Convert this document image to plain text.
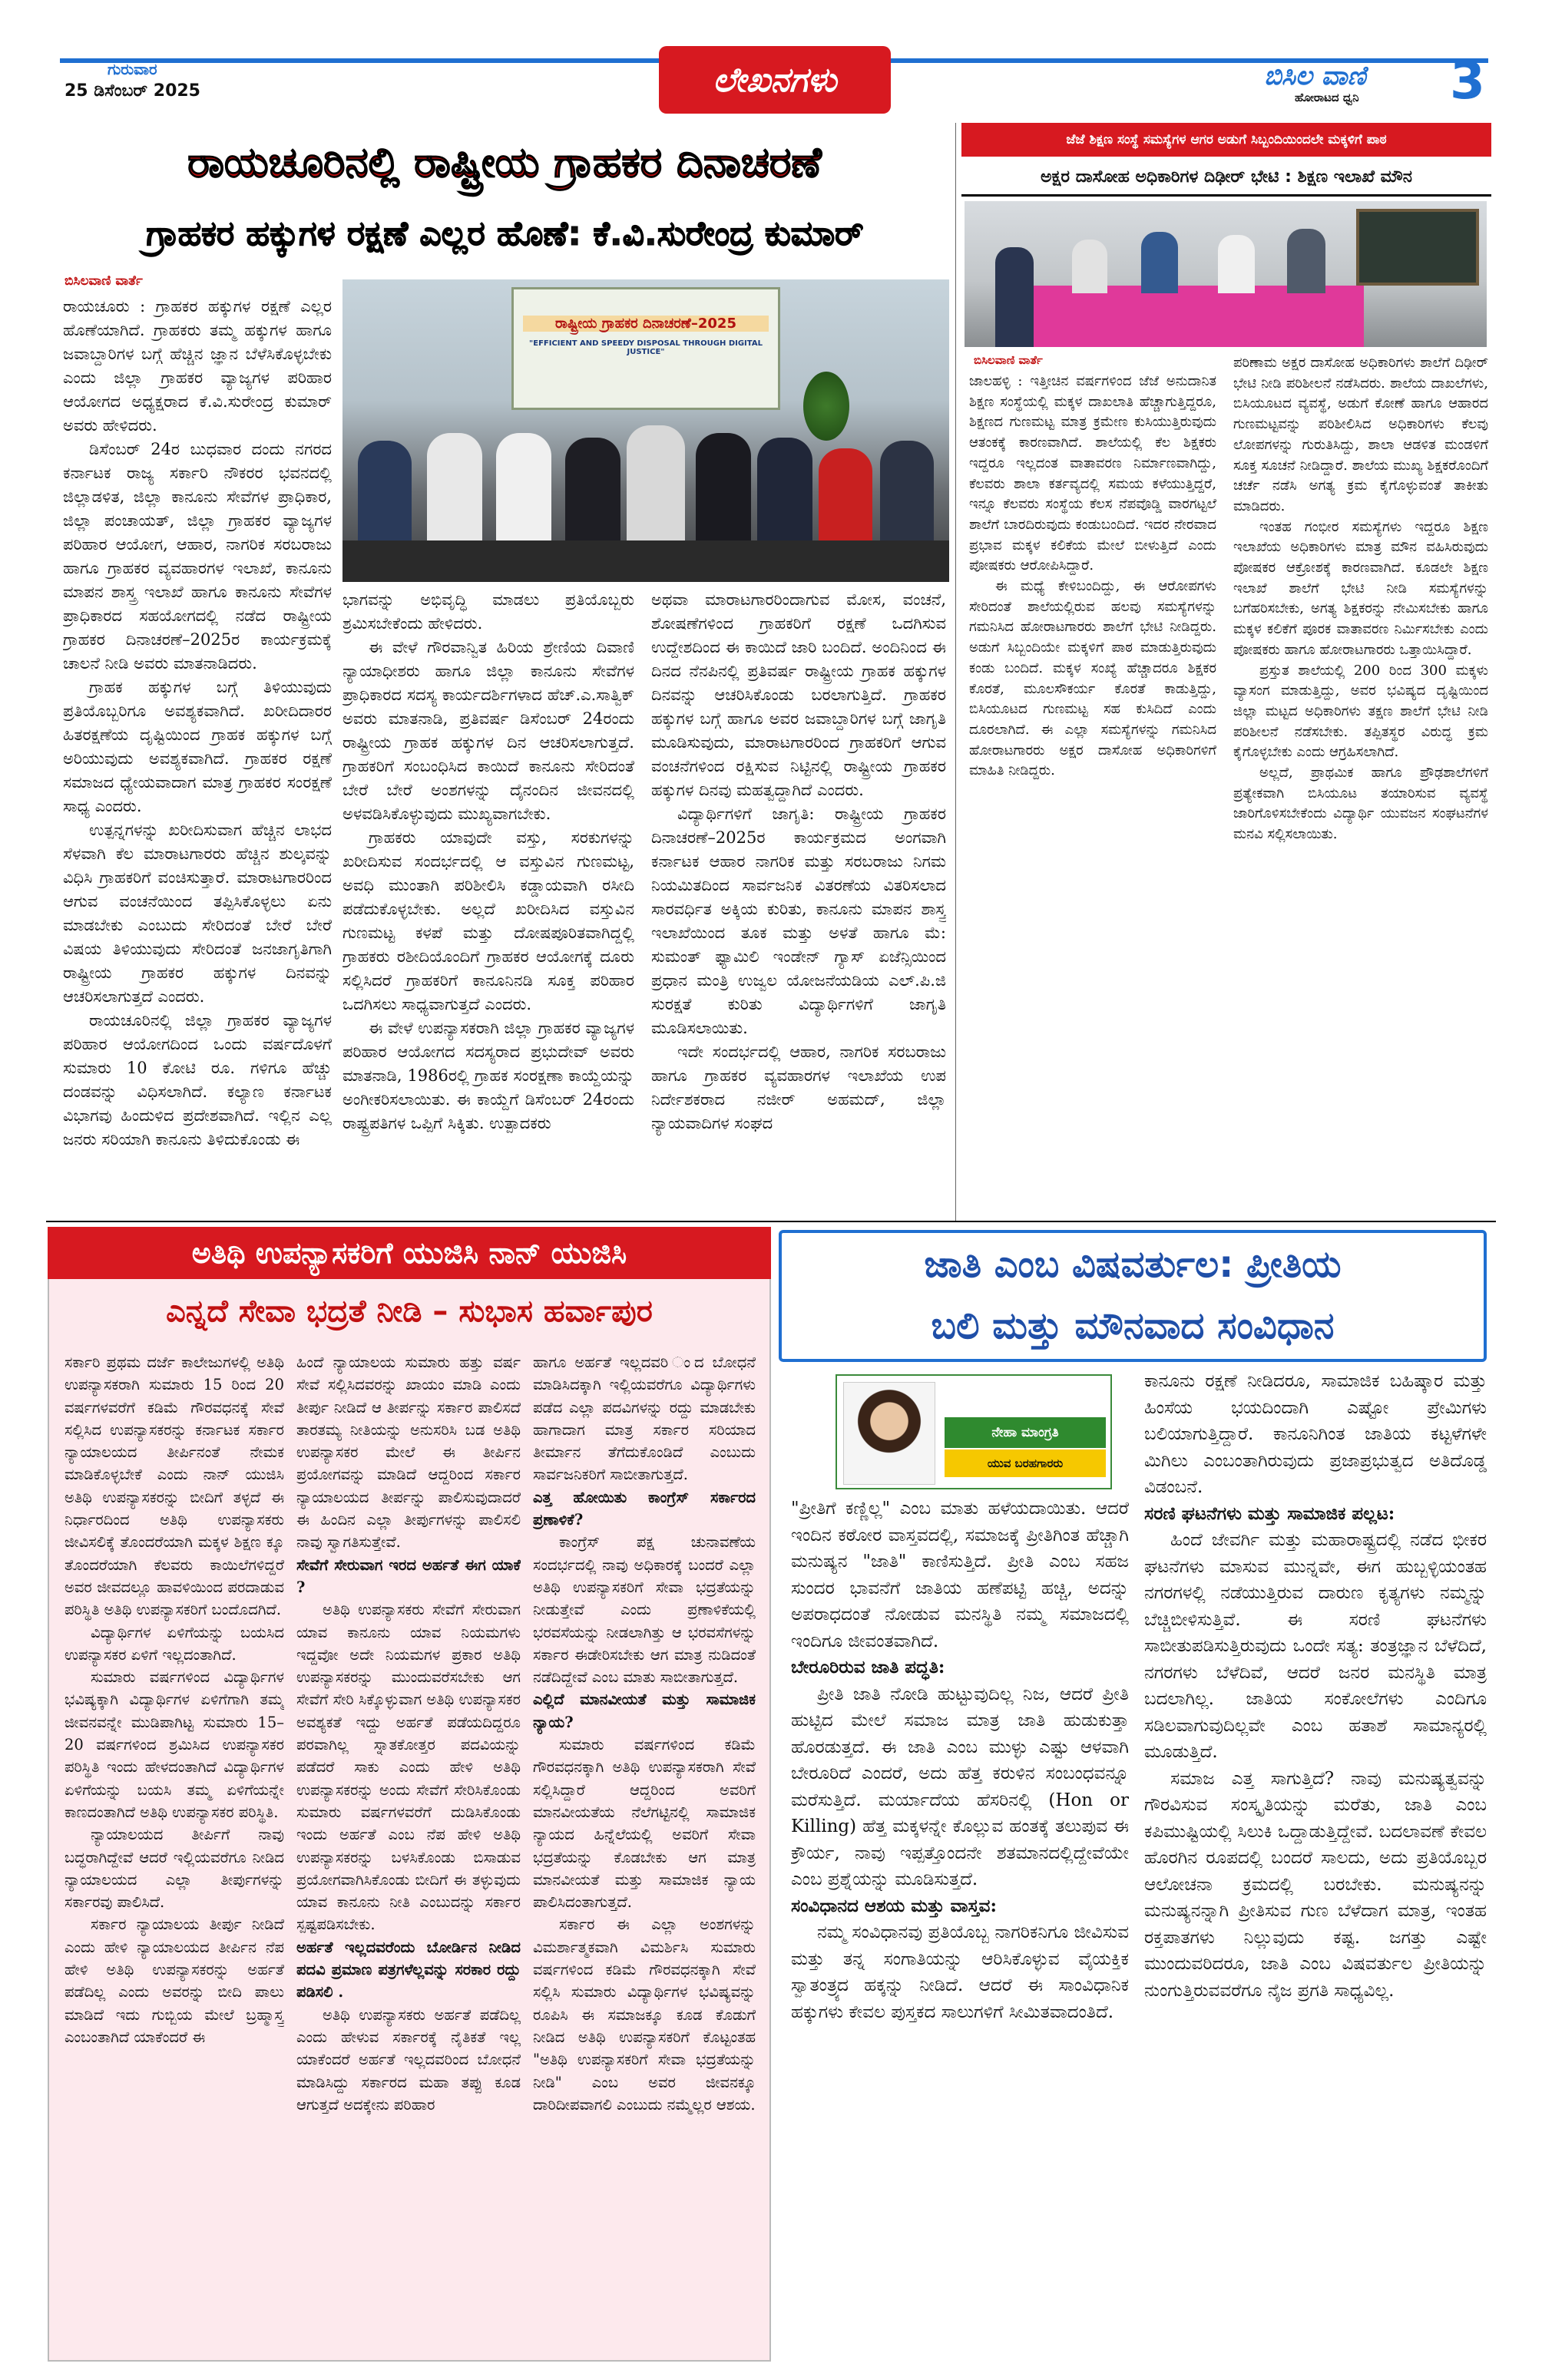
ಗುರುವಾರ
25 ಡಿಸೆಂಬರ್ 2025	ಲೇಖನಗಳು	ಬಿಸಿಲ ವಾಣಿ
ಹೋರಾಟದ ಧ್ವನಿ	3
ರಾಯಚೂರಿನಲ್ಲಿ ರಾಷ್ಟ್ರೀಯ ಗ್ರಾಹಕರ ದಿನಾಚರಣೆ
ಗ್ರಾಹಕರ ಹಕ್ಕುಗಳ ರಕ್ಷಣೆ ಎಲ್ಲರ ಹೊಣೆ: ಕೆ.ವಿ.ಸುರೇಂದ್ರ ಕುಮಾರ್
ಬಿಸಿಲವಾಣಿ ವಾರ್ತೆ

ರಾಯಚೂರು : ಗ್ರಾಹಕರ ಹಕ್ಕುಗಳ ರಕ್ಷಣೆ ಎಲ್ಲರ ಹೊಣೆಯಾಗಿದೆ. ಗ್ರಾಹಕರು ತಮ್ಮ ಹಕ್ಕುಗಳ ಹಾಗೂ ಜವಾಬ್ದಾರಿಗಳ ಬಗ್ಗೆ ಹೆಚ್ಚಿನ ಜ್ಞಾನ ಬೆಳೆಸಿಕೊಳ್ಳಬೇಕು ಎಂದು ಜಿಲ್ಲಾ ಗ್ರಾಹಕರ ವ್ಯಾಜ್ಯಗಳ ಪರಿಹಾರ ಆಯೋಗದ ಅಧ್ಯಕ್ಷರಾದ ಕೆ.ವಿ.ಸುರೇಂದ್ರ ಕುಮಾರ್ ಅವರು ಹೇಳಿದರು.

ಡಿಸೆಂಬರ್ 24ರ ಬುಧವಾರ ದಂದು ನಗರದ ಕರ್ನಾಟಕ ರಾಜ್ಯ ಸರ್ಕಾರಿ ನೌಕರರ ಭವನದಲ್ಲಿ ಜಿಲ್ಲಾಡಳಿತ, ಜಿಲ್ಲಾ ಕಾನೂನು ಸೇವೆಗಳ ಪ್ರಾಧಿಕಾರ, ಜಿಲ್ಲಾ ಪಂಚಾಯತ್, ಜಿಲ್ಲಾ ಗ್ರಾಹಕರ ವ್ಯಾಜ್ಯಗಳ ಪರಿಹಾರ ಆಯೋಗ, ಆಹಾರ, ನಾಗರಿಕ ಸರಬರಾಜು ಹಾಗೂ ಗ್ರಾಹಕರ ವ್ಯವಹಾರಗಳ ಇಲಾಖೆ, ಕಾನೂನು ಮಾಪನ ಶಾಸ್ತ್ರ ಇಲಾಖೆ ಹಾಗೂ ಕಾನೂನು ಸೇವೆಗಳ ಪ್ರಾಧಿಕಾರದ ಸಹಯೋಗದಲ್ಲಿ ನಡೆದ ರಾಷ್ಟ್ರೀಯ ಗ್ರಾಹಕರ ದಿನಾಚರಣೆ–2025ರ ಕಾರ್ಯಕ್ರಮಕ್ಕೆ ಚಾಲನೆ ನೀಡಿ ಅವರು ಮಾತನಾಡಿದರು.

ಗ್ರಾಹಕ ಹಕ್ಕುಗಳ ಬಗ್ಗೆ ತಿಳಿಯುವುದು ಪ್ರತಿಯೊಬ್ಬರಿಗೂ ಅವಶ್ಯಕವಾಗಿದೆ. ಖರೀದಿದಾರರ ಹಿತರಕ್ಷಣೆಯ ದೃಷ್ಟಿಯಿಂದ ಗ್ರಾಹಕ ಹಕ್ಕುಗಳ ಬಗ್ಗೆ ಅರಿಯುವುದು ಅವಶ್ಯಕವಾಗಿದೆ. ಗ್ರಾಹಕರ ರಕ್ಷಣೆ ಸಮಾಜದ ಧ್ಯೇಯವಾದಾಗ ಮಾತ್ರ ಗ್ರಾಹಕರ ಸಂರಕ್ಷಣೆ ಸಾಧ್ಯ ಎಂದರು.

ಉತ್ಪನ್ನಗಳನ್ನು ಖರೀದಿಸುವಾಗ ಹೆಚ್ಚಿನ ಲಾಭದ ಸೆಳವಾಗಿ ಕೆಲ ಮಾರಾಟಗಾರರು ಹೆಚ್ಚಿನ ಶುಲ್ಕವನ್ನು ವಿಧಿಸಿ ಗ್ರಾಹಕರಿಗೆ ವಂಚಿಸುತ್ತಾರೆ. ಮಾರಾಟಗಾರರಿಂದ ಆಗುವ ವಂಚನೆಯಿಂದ ತಪ್ಪಿಸಿಕೊಳ್ಳಲು ಏನು ಮಾಡಬೇಕು ಎಂಬುದು ಸೇರಿದಂತೆ ಬೇರೆ ಬೇರೆ ವಿಷಯ ತಿಳಿಯುವುದು ಸೇರಿದಂತೆ ಜನಜಾಗೃತಿಗಾಗಿ ರಾಷ್ಟ್ರೀಯ ಗ್ರಾಹಕರ ಹಕ್ಕುಗಳ ದಿನವನ್ನು ಆಚರಿಸಲಾಗುತ್ತದೆ ಎಂದರು.

ರಾಯಚೂರಿನಲ್ಲಿ ಜಿಲ್ಲಾ ಗ್ರಾಹಕರ ವ್ಯಾಜ್ಯಗಳ ಪರಿಹಾರ ಆಯೋಗದಿಂದ ಒಂದು ವರ್ಷದೊಳಗೆ ಸುಮಾರು 10 ಕೋಟಿ ರೂ. ಗಳಿಗೂ ಹೆಚ್ಚು ದಂಡವನ್ನು ವಿಧಿಸಲಾಗಿದೆ. ಕಲ್ಯಾಣ ಕರ್ನಾಟಕ ವಿಭಾಗವು ಹಿಂದುಳಿದ ಪ್ರದೇಶವಾಗಿದೆ. ಇಲ್ಲಿನ ಎಲ್ಲ ಜನರು ಸರಿಯಾಗಿ ಕಾನೂನು ತಿಳಿದುಕೊಂಡು ಈ

ರಾಷ್ಟ್ರೀಯ ಗ್ರಾಹಕರ ದಿನಾಚರಣೆ–2025
"EFFICIENT AND SPEEDY DISPOSAL THROUGH DIGITAL JUSTICE"

ಭಾಗವನ್ನು ಅಭಿವೃದ್ಧಿ ಮಾಡಲು ಪ್ರತಿಯೊಬ್ಬರು ಶ್ರಮಿಸಬೇಕೆಂದು ಹೇಳಿದರು.

ಈ ವೇಳೆ ಗೌರವಾನ್ವಿತ ಹಿರಿಯ ಶ್ರೇಣಿಯ ದಿವಾಣಿ ನ್ಯಾಯಾಧೀಶರು ಹಾಗೂ ಜಿಲ್ಲಾ ಕಾನೂನು ಸೇವೆಗಳ ಪ್ರಾಧಿಕಾರದ ಸದಸ್ಯ ಕಾರ್ಯದರ್ಶಿಗಳಾದ ಹೆಚ್.ಎ.ಸಾತ್ವಿಕ್ ಅವರು ಮಾತನಾಡಿ, ಪ್ರತಿವರ್ಷ ಡಿಸೆಂಬರ್ 24ರಂದು ರಾಷ್ಟ್ರೀಯ ಗ್ರಾಹಕ ಹಕ್ಕುಗಳ ದಿನ ಆಚರಿಸಲಾಗುತ್ತದೆ. ಗ್ರಾಹಕರಿಗೆ ಸಂಬಂಧಿಸಿದ ಕಾಯಿದೆ ಕಾನೂನು ಸೇರಿದಂತೆ ಬೇರೆ ಬೇರೆ ಅಂಶಗಳನ್ನು ದೈನಂದಿನ ಜೀವನದಲ್ಲಿ ಅಳವಡಿಸಿಕೊಳ್ಳುವುದು ಮುಖ್ಯವಾಗಬೇಕು.

ಗ್ರಾಹಕರು ಯಾವುದೇ ವಸ್ತು, ಸರಕುಗಳನ್ನು ಖರೀದಿಸುವ ಸಂದರ್ಭದಲ್ಲಿ ಆ ವಸ್ತುವಿನ ಗುಣಮಟ್ಟ, ಅವಧಿ ಮುಂತಾಗಿ ಪರಿಶೀಲಿಸಿ ಕಡ್ಡಾಯವಾಗಿ ರಸೀದಿ ಪಡೆದುಕೊಳ್ಳಬೇಕು. ಅಲ್ಲದೆ ಖರೀದಿಸಿದ ವಸ್ತುವಿನ ಗುಣಮಟ್ಟ ಕಳಪೆ ಮತ್ತು ದೋಷಪೂರಿತವಾಗಿದ್ದಲ್ಲಿ ಗ್ರಾಹಕರು ರಶೀದಿಯೊಂದಿಗೆ ಗ್ರಾಹಕರ ಆಯೋಗಕ್ಕೆ ದೂರು ಸಲ್ಲಿಸಿದರೆ ಗ್ರಾಹಕರಿಗೆ ಕಾನೂನಿನಡಿ ಸೂಕ್ತ ಪರಿಹಾರ ಒದಗಿಸಲು ಸಾಧ್ಯವಾಗುತ್ತದೆ ಎಂದರು.

ಈ ವೇಳೆ ಉಪನ್ಯಾಸಕರಾಗಿ ಜಿಲ್ಲಾ ಗ್ರಾಹಕರ ವ್ಯಾಜ್ಯಗಳ ಪರಿಹಾರ ಆಯೋಗದ ಸದಸ್ಯರಾದ ಪ್ರಭುದೇವ್ ಅವರು ಮಾತನಾಡಿ, 1986ರಲ್ಲಿ ಗ್ರಾಹಕ ಸಂರಕ್ಷಣಾ ಕಾಯ್ದೆಯನ್ನು ಅಂಗೀಕರಿಸಲಾಯಿತು. ಈ ಕಾಯ್ದೆಗೆ ಡಿಸೆಂಬರ್ 24ರಂದು ರಾಷ್ಟ್ರಪತಿಗಳ ಒಪ್ಪಿಗೆ ಸಿಕ್ಕಿತು. ಉತ್ಪಾದಕರು

ಅಥವಾ ಮಾರಾಟಗಾರರಿಂದಾಗುವ ಮೋಸ, ವಂಚನೆ, ಶೋಷಣೆಗಳಿಂದ ಗ್ರಾಹಕರಿಗೆ ರಕ್ಷಣೆ ಒದಗಿಸುವ ಉದ್ದೇಶದಿಂದ ಈ ಕಾಯಿದೆ ಜಾರಿ ಬಂದಿದೆ. ಅಂದಿನಿಂದ ಈ ದಿನದ ನೆನಪಿನಲ್ಲಿ ಪ್ರತಿವರ್ಷ ರಾಷ್ಟ್ರೀಯ ಗ್ರಾಹಕ ಹಕ್ಕುಗಳ ದಿನವನ್ನು ಆಚರಿಸಿಕೊಂಡು ಬರಲಾಗುತ್ತಿದೆ. ಗ್ರಾಹಕರ ಹಕ್ಕುಗಳ ಬಗ್ಗೆ ಹಾಗೂ ಅವರ ಜವಾಬ್ದಾರಿಗಳ ಬಗ್ಗೆ ಜಾಗೃತಿ ಮೂಡಿಸುವುದು, ಮಾರಾಟಗಾರರಿಂದ ಗ್ರಾಹಕರಿಗೆ ಆಗುವ ವಂಚನೆಗಳಿಂದ ರಕ್ಷಿಸುವ ನಿಟ್ಟಿನಲ್ಲಿ ರಾಷ್ಟ್ರೀಯ ಗ್ರಾಹಕರ ಹಕ್ಕುಗಳ ದಿನವು ಮಹತ್ವದ್ದಾಗಿದೆ ಎಂದರು.

ವಿದ್ಯಾರ್ಥಿಗಳಿಗೆ ಜಾಗೃತಿ: ರಾಷ್ಟ್ರೀಯ ಗ್ರಾಹಕರ ದಿನಾಚರಣೆ–2025ರ ಕಾರ್ಯಕ್ರಮದ ಅಂಗವಾಗಿ ಕರ್ನಾಟಕ ಆಹಾರ ನಾಗರಿಕ ಮತ್ತು ಸರಬರಾಜು ನಿಗಮ ನಿಯಮಿತದಿಂದ ಸಾರ್ವಜನಿಕ ವಿತರಣೆಯ ವಿತರಿಸಲಾದ ಸಾರವರ್ಧಿತ ಅಕ್ಕಿಯ ಕುರಿತು, ಕಾನೂನು ಮಾಪನ ಶಾಸ್ತ್ರ ಇಲಾಖೆಯಿಂದ ತೂಕ ಮತ್ತು ಅಳತೆ ಹಾಗೂ ಮೆ: ಸುಮಂತ್ ಫ್ಯಾಮಿಲಿ ಇಂಡೇನ್ ಗ್ಯಾಸ್ ಏಜೆನ್ಸಿಯಿಂದ ಪ್ರಧಾನ ಮಂತ್ರಿ ಉಜ್ವಲ ಯೋಜನೆಯಡಿಯ ಎಲ್.ಪಿ.ಜಿ ಸುರಕ್ಷತೆ ಕುರಿತು ವಿದ್ಯಾರ್ಥಿಗಳಿಗೆ ಜಾಗೃತಿ ಮೂಡಿಸಲಾಯಿತು.

ಇದೇ ಸಂದರ್ಭದಲ್ಲಿ ಆಹಾರ, ನಾಗರಿಕ ಸರಬರಾಜು ಹಾಗೂ ಗ್ರಾಹಕರ ವ್ಯವಹಾರಗಳ ಇಲಾಖೆಯ ಉಪ ನಿರ್ದೇಶಕರಾದ ನಜೀರ್ ಅಹಮದ್, ಜಿಲ್ಲಾ ನ್ಯಾಯವಾದಿಗಳ ಸಂಘದ

ಜೆಜೆ ಶಿಕ್ಷಣ ಸಂಸ್ಥೆ ಸಮಸ್ಯೆಗಳ ಆಗರ ಅಡುಗೆ ಸಿಬ್ಬಂದಿಯಿಂದಲೇ ಮಕ್ಕಳಿಗೆ ಪಾಠ
ಅಕ್ಷರ ದಾಸೋಹ ಅಧಿಕಾರಿಗಳ ದಿಢೀರ್ ಭೇಟಿ : ಶಿಕ್ಷಣ ಇಲಾಖೆ ಮೌನ
ಬಿಸಿಲವಾಣಿ ವಾರ್ತೆ

ಜಾಲಹಳ್ಳಿ : ಇತ್ತೀಚಿನ ವರ್ಷಗಳಿಂದ ಜೆಜೆ ಅನುದಾನಿತ ಶಿಕ್ಷಣ ಸಂಸ್ಥೆಯಲ್ಲಿ ಮಕ್ಕಳ ದಾಖಲಾತಿ ಹೆಚ್ಚಾಗುತ್ತಿದ್ದರೂ, ಶಿಕ್ಷಣದ ಗುಣಮಟ್ಟ ಮಾತ್ರ ಕ್ರಮೇಣ ಕುಸಿಯುತ್ತಿರುವುದು ಆತಂಕಕ್ಕೆ ಕಾರಣವಾಗಿದೆ. ಶಾಲೆಯಲ್ಲಿ ಕೆಲ ಶಿಕ್ಷಕರು ಇದ್ದರೂ ಇಲ್ಲದಂತ ವಾತಾವರಣ ನಿರ್ಮಾಣವಾಗಿದ್ದು, ಕೆಲವರು ಶಾಲಾ ಕರ್ತವ್ಯದಲ್ಲಿ ಸಮಯ ಕಳೆಯುತ್ತಿದ್ದರೆ, ಇನ್ನೂ ಕೆಲವರು ಸಂಸ್ಥೆಯ ಕೆಲಸ ನೆಪವೊಡ್ಡಿ ವಾರಗಟ್ಟಲೆ ಶಾಲೆಗೆ ಬಾರದಿರುವುದು ಕಂಡುಬಂದಿದೆ. ಇದರ ನೇರವಾದ ಪ್ರಭಾವ ಮಕ್ಕಳ ಕಲಿಕೆಯ ಮೇಲೆ ಬೀಳುತ್ತಿದೆ ಎಂದು ಪೋಷಕರು ಆರೋಪಿಸಿದ್ದಾರೆ.

ಈ ಮಧ್ಯೆ ಕೇಳಿಬಂದಿದ್ದು, ಈ ಆರೋಪಗಳು ಸೇರಿದಂತೆ ಶಾಲೆಯಲ್ಲಿರುವ ಹಲವು ಸಮಸ್ಯೆಗಳನ್ನು ಗಮನಿಸಿದ ಹೋರಾಟಗಾರರು ಶಾಲೆಗೆ ಭೇಟಿ ನೀಡಿದ್ದರು. ಅಡುಗೆ ಸಿಬ್ಬಂದಿಯೇ ಮಕ್ಕಳಿಗೆ ಪಾಠ ಮಾಡುತ್ತಿರುವುದು ಕಂಡು ಬಂದಿದೆ. ಮಕ್ಕಳ ಸಂಖ್ಯೆ ಹೆಚ್ಚಾದರೂ ಶಿಕ್ಷಕರ ಕೊರತೆ, ಮೂಲಸೌಕರ್ಯ ಕೊರತೆ ಕಾಡುತ್ತಿದ್ದು, ಬಿಸಿಯೂಟದ ಗುಣಮಟ್ಟ ಸಹ ಕುಸಿದಿದೆ ಎಂದು ದೂರಲಾಗಿದೆ. ಈ ಎಲ್ಲಾ ಸಮಸ್ಯೆಗಳನ್ನು ಗಮನಿಸಿದ ಹೋರಾಟಗಾರರು ಅಕ್ಷರ ದಾಸೋಹ ಅಧಿಕಾರಿಗಳಿಗೆ ಮಾಹಿತಿ ನೀಡಿದ್ದರು.

ಪರಿಣಾಮ ಅಕ್ಷರ ದಾಸೋಹ ಅಧಿಕಾರಿಗಳು ಶಾಲೆಗೆ ದಿಢೀರ್ ಭೇಟಿ ನೀಡಿ ಪರಿಶೀಲನೆ ನಡೆಸಿದರು. ಶಾಲೆಯ ದಾಖಲೆಗಳು, ಬಿಸಿಯೂಟದ ವ್ಯವಸ್ಥೆ, ಅಡುಗೆ ಕೋಣೆ ಹಾಗೂ ಆಹಾರದ ಗುಣಮಟ್ಟವನ್ನು ಪರಿಶೀಲಿಸಿದ ಅಧಿಕಾರಿಗಳು ಕೆಲವು ಲೋಪಗಳನ್ನು ಗುರುತಿಸಿದ್ದು, ಶಾಲಾ ಆಡಳಿತ ಮಂಡಳಿಗೆ ಸೂಕ್ತ ಸೂಚನೆ ನೀಡಿದ್ದಾರೆ. ಶಾಲೆಯ ಮುಖ್ಯ ಶಿಕ್ಷಕರೊಂದಿಗೆ ಚರ್ಚೆ ನಡೆಸಿ ಅಗತ್ಯ ಕ್ರಮ ಕೈಗೊಳ್ಳುವಂತೆ ತಾಕೀತು ಮಾಡಿದರು.

ಇಂತಹ ಗಂಭೀರ ಸಮಸ್ಯೆಗಳು ಇದ್ದರೂ ಶಿಕ್ಷಣ ಇಲಾಖೆಯ ಅಧಿಕಾರಿಗಳು ಮಾತ್ರ ಮೌನ ವಹಿಸಿರುವುದು ಪೋಷಕರ ಆಕ್ರೋಶಕ್ಕೆ ಕಾರಣವಾಗಿದೆ. ಕೂಡಲೇ ಶಿಕ್ಷಣ ಇಲಾಖೆ ಶಾಲೆಗೆ ಭೇಟಿ ನೀಡಿ ಸಮಸ್ಯೆಗಳನ್ನು ಬಗೆಹರಿಸಬೇಕು, ಅಗತ್ಯ ಶಿಕ್ಷಕರನ್ನು ನೇಮಿಸಬೇಕು ಹಾಗೂ ಮಕ್ಕಳ ಕಲಿಕೆಗೆ ಪೂರಕ ವಾತಾವರಣ ನಿರ್ಮಿಸಬೇಕು ಎಂದು ಪೋಷಕರು ಹಾಗೂ ಹೋರಾಟಗಾರರು ಒತ್ತಾಯಿಸಿದ್ದಾರೆ.

ಪ್ರಸ್ತುತ ಶಾಲೆಯಲ್ಲಿ 200 ರಿಂದ 300 ಮಕ್ಕಳು ವ್ಯಾಸಂಗ ಮಾಡುತ್ತಿದ್ದು, ಅವರ ಭವಿಷ್ಯದ ದೃಷ್ಟಿಯಿಂದ ಜಿಲ್ಲಾ ಮಟ್ಟದ ಅಧಿಕಾರಿಗಳು ತಕ್ಷಣ ಶಾಲೆಗೆ ಭೇಟಿ ನೀಡಿ ಪರಿಶೀಲನೆ ನಡೆಸಬೇಕು. ತಪ್ಪಿತಸ್ಥರ ವಿರುದ್ಧ ಕ್ರಮ ಕೈಗೊಳ್ಳಬೇಕು ಎಂದು ಆಗ್ರಹಿಸಲಾಗಿದೆ.

ಅಲ್ಲದೆ, ಪ್ರಾಥಮಿಕ ಹಾಗೂ ಪ್ರೌಢಶಾಲೆಗಳಿಗೆ ಪ್ರತ್ಯೇಕವಾಗಿ ಬಿಸಿಯೂಟ ತಯಾರಿಸುವ ವ್ಯವಸ್ಥೆ ಜಾರಿಗೊಳಿಸಬೇಕೆಂದು ವಿದ್ಯಾರ್ಥಿ ಯುವಜನ ಸಂಘಟನೆಗಳ ಮನವಿ ಸಲ್ಲಿಸಲಾಯಿತು.

ಅತಿಥಿ ಉಪನ್ಯಾಸಕರಿಗೆ ಯುಜಿಸಿ ನಾನ್ ಯುಜಿಸಿ
ಎನ್ನದೆ ಸೇವಾ ಭದ್ರತೆ ನೀಡಿ – ಸುಭಾಸ ಹರ್ವಾಪುರ

ಸರ್ಕಾರಿ ಪ್ರಥಮ ದರ್ಜೆ ಕಾಲೇಜುಗಳಲ್ಲಿ ಅತಿಥಿ ಉಪನ್ಯಾಸಕರಾಗಿ ಸುಮಾರು 15 ರಿಂದ 20 ವರ್ಷಗಳವರೆಗೆ ಕಡಿಮೆ ಗೌರವಧನಕ್ಕೆ ಸೇವೆ ಸಲ್ಲಿಸಿದ ಉಪನ್ಯಾಸಕರನ್ನು ಕರ್ನಾಟಕ ಸರ್ಕಾರ ನ್ಯಾಯಾಲಯದ ತೀರ್ಪಿನಂತೆ ನೇಮಕ ಮಾಡಿಕೊಳ್ಳಬೇಕೆ ಎಂದು ನಾನ್ ಯುಜಿಸಿ ಅತಿಥಿ ಉಪನ್ಯಾಸಕರನ್ನು ಬೀದಿಗೆ ತಳ್ಳದೆ ಈ ನಿರ್ಧಾರದಿಂದ ಅತಿಥಿ ಉಪನ್ಯಾಸಕರು ಜೀವಿಸಲಿಕ್ಕೆ ತೊಂದರೆಯಾಗಿ ಮಕ್ಕಳ ಶಿಕ್ಷಣ ಕ್ಕೂ ತೊಂದರೆಯಾಗಿ ಕೆಲವರು ಕಾಯಿಲೆಗಳಿದ್ದರೆ ಅವರ ಜೀವದಲ್ಲೂ ಹಾವಳಿಯಿಂದ ಪರದಾಡುವ ಪರಿಸ್ಥಿತಿ ಅತಿಥಿ ಉಪನ್ಯಾಸಕರಿಗೆ ಬಂದೊದಗಿದೆ.

ವಿದ್ಯಾರ್ಥಿಗಳ ಏಳಿಗೆಯನ್ನು ಬಯಸಿದ ಉಪನ್ಯಾಸಕರ ಏಳಿಗೆ ಇಲ್ಲದಂತಾಗಿದೆ.

ಸುಮಾರು ವರ್ಷಗಳಿಂದ ವಿದ್ಯಾರ್ಥಿಗಳ ಭವಿಷ್ಯಕ್ಕಾಗಿ ವಿದ್ಯಾರ್ಥಿಗಳ ಏಳಿಗೆಗಾಗಿ ತಮ್ಮ ಜೀವನವನ್ನೇ ಮುಡಿಪಾಗಿಟ್ಟ ಸುಮಾರು 15– 20 ವರ್ಷಗಳಿಂದ ಶ್ರಮಿಸಿದ ಉಪನ್ಯಾಸಕರ ಪರಿಸ್ಥಿತಿ ಇಂದು ಹೇಳದಂತಾಗಿದೆ ವಿದ್ಯಾರ್ಥಿಗಳ ಏಳಿಗೆಯನ್ನು ಬಯಸಿ ತಮ್ಮ ಏಳಿಗೆಯನ್ನೇ ಕಾಣದಂತಾಗಿದೆ ಅತಿಥಿ ಉಪನ್ಯಾಸಕರ ಪರಿಸ್ಥಿತಿ.

ನ್ಯಾಯಾಲಯದ ತೀರ್ಪಿಗೆ ನಾವು ಬದ್ಧರಾಗಿದ್ದೇವೆ ಆದರೆ ಇಲ್ಲಿಯವರೆಗೂ ನೀಡಿದ ನ್ಯಾಯಾಲಯದ ಎಲ್ಲಾ ತೀರ್ಪುಗಳನ್ನು ಸರ್ಕಾರವು ಪಾಲಿಸಿದೆ.

ಸರ್ಕಾರ ನ್ಯಾಯಾಲಯ ತೀರ್ಪು ನೀಡಿದೆ ಎಂದು ಹೇಳಿ ನ್ಯಾಯಾಲಯದ ತೀರ್ಪಿನ ನೆಪ ಹೇಳಿ ಅತಿಥಿ ಉಪನ್ಯಾಸಕರನ್ನು ಅರ್ಹತೆ ಪಡೆದಿಲ್ಲ ಎಂದು ಅವರನ್ನು ಬೀದಿ ಪಾಲು ಮಾಡಿದೆ ಇದು ಗುಬ್ಬಿಯ ಮೇಲೆ ಬ್ರಹ್ಮಾಸ್ತ್ರ ಎಂಬಂತಾಗಿದೆ ಯಾಕೆಂದರೆ ಈ

ಹಿಂದೆ ನ್ಯಾಯಾಲಯ ಸುಮಾರು ಹತ್ತು ವರ್ಷ ಸೇವೆ ಸಲ್ಲಿಸಿದವರನ್ನು ಖಾಯಂ ಮಾಡಿ ಎಂದು ತೀರ್ಪು ನೀಡಿದೆ ಆ ತೀರ್ಪನ್ನು ಸರ್ಕಾರ ಪಾಲಿಸದೆ ತಾರತಮ್ಯ ನೀತಿಯನ್ನು ಅನುಸರಿಸಿ ಬಡ ಅತಿಥಿ ಉಪನ್ಯಾಸಕರ ಮೇಲೆ ಈ ತೀರ್ಪಿನ ಪ್ರಯೋಗವನ್ನು ಮಾಡಿದೆ ಆದ್ದರಿಂದ ಸರ್ಕಾರ ನ್ಯಾಯಾಲಯದ ತೀರ್ಪನ್ನು ಪಾಲಿಸುವುದಾದರೆ ಈ ಹಿಂದಿನ ಎಲ್ಲಾ ತೀರ್ಪುಗಳನ್ನು ಪಾಲಿಸಲಿ ನಾವು ಸ್ವಾಗತಿಸುತ್ತೇವೆ.

ಸೇವೆಗೆ ಸೇರುವಾಗ ಇರದ ಅರ್ಹತೆ ಈಗ ಯಾಕೆ ?

ಅತಿಥಿ ಉಪನ್ಯಾಸಕರು ಸೇವೆಗೆ ಸೇರುವಾಗ ಯಾವ ಕಾನೂನು ಯಾವ ನಿಯಮಗಳು ಇದ್ದವೋ ಅದೇ ನಿಯಮಗಳ ಪ್ರಕಾರ ಅತಿಥಿ ಉಪನ್ಯಾಸಕರನ್ನು ಮುಂದುವರೆಸಬೇಕು ಆಗ ಸೇವೆಗೆ ಸೇರಿ ಸಿಕ್ಕೊಳ್ಳುವಾಗ ಅತಿಥಿ ಉಪನ್ಯಾಸಕರ ಅವಶ್ಯಕತೆ ಇದ್ದು ಅರ್ಹತೆ ಪಡೆಯದಿದ್ದರೂ ಪರವಾಗಿಲ್ಲ ಸ್ನಾತಕೋತ್ತರ ಪದವಿಯನ್ನು ಪಡೆದರೆ ಸಾಕು ಎಂದು ಹೇಳಿ ಅತಿಥಿ ಉಪನ್ಯಾಸಕರನ್ನು ಅಂದು ಸೇವೆಗೆ ಸೇರಿಸಿಕೊಂಡು ಸುಮಾರು ವರ್ಷಗಳವರೆಗೆ ದುಡಿಸಿಕೊಂಡು ಇಂದು ಅರ್ಹತೆ ಎಂಬ ನೆಪ ಹೇಳಿ ಅತಿಥಿ ಉಪನ್ಯಾಸಕರನ್ನು ಬಳಸಿಕೊಂಡು ಬಿಸಾಡುವ ಪ್ರಯೋಗವಾಗಿಸಿಕೊಂಡು ಬೀದಿಗೆ ಈ ತಳ್ಳುವುದು ಯಾವ ಕಾನೂನು ನೀತಿ ಎಂಬುದನ್ನು ಸರ್ಕಾರ ಸ್ಪಷ್ಟಪಡಿಸಬೇಕು.

ಅರ್ಹತೆ ಇಲ್ಲದವರೆಂದು ಬೋರ್ಡಿನ ನೀಡಿದ ಪದವಿ ಪ್ರಮಾಣ ಪತ್ರಗಳೆಲ್ಲವನ್ನು ಸರಕಾರ ರದ್ದು ಪಡಿಸಲಿ .

ಅತಿಥಿ ಉಪನ್ಯಾಸಕರು ಅರ್ಹತೆ ಪಡೆದಿಲ್ಲ ಎಂದು ಹೇಳುವ ಸರ್ಕಾರಕ್ಕೆ ನೈತಿಕತೆ ಇಲ್ಲ ಯಾಕೆಂದರೆ ಅರ್ಹತೆ ಇಲ್ಲದವರಿಂದ ಬೋಧನೆ ಮಾಡಿಸಿದ್ದು ಸರ್ಕಾರದ ಮಹಾ ತಪ್ಪು ಕೂಡ ಆಗುತ್ತದೆ ಅದಕ್ಕೇನು ಪರಿಹಾರ

ಹಾಗೂ ಅರ್ಹತೆ ಇಲ್ಲದವರಿ ಂದ ಬೋಧನೆ ಮಾಡಿಸಿದಕ್ಕಾಗಿ ಇಲ್ಲಿಯವರೆಗೂ ವಿದ್ಯಾರ್ಥಿಗಳು ಪಡೆದ ಎಲ್ಲಾ ಪದವಿಗಳನ್ನು ರದ್ದು ಮಾಡಬೇಕು ಹಾಗಾದಾಗ ಮಾತ್ರ ಸರ್ಕಾರ ಸರಿಯಾದ ತೀರ್ಮಾನ ತೆಗೆದುಕೊಂಡಿದೆ ಎಂಬುದು ಸಾರ್ವಜನಿಕರಿಗೆ ಸಾಬೀತಾಗುತ್ತದೆ.

ಎತ್ತ ಹೋಯಿತು ಕಾಂಗ್ರೆಸ್ ಸರ್ಕಾರದ ಪ್ರಣಾಳಿಕೆ?

ಕಾಂಗ್ರೆಸ್ ಪಕ್ಷ ಚುನಾವಣೆಯ ಸಂದರ್ಭದಲ್ಲಿ ನಾವು ಅಧಿಕಾರಕ್ಕೆ ಬಂದರೆ ಎಲ್ಲಾ ಅತಿಥಿ ಉಪನ್ಯಾಸಕರಿಗೆ ಸೇವಾ ಭದ್ರತೆಯನ್ನು ನೀಡುತ್ತೇವೆ ಎಂದು ಪ್ರಣಾಳಿಕೆಯಲ್ಲಿ ಭರವಸೆಯನ್ನು ನೀಡಲಾಗಿತ್ತು ಆ ಭರವಸೆಗಳನ್ನು ಸರ್ಕಾರ ಈಡೇರಿಸಬೇಕು ಆಗ ಮಾತ್ರ ನುಡಿದಂತೆ ನಡೆದಿದ್ದೇವೆ ಎಂಬ ಮಾತು ಸಾಬೀತಾಗುತ್ತದೆ.

ಎಲ್ಲಿದೆ ಮಾನವೀಯತೆ ಮತ್ತು ಸಾಮಾಜಿಕ ನ್ಯಾಯ?

ಸುಮಾರು ವರ್ಷಗಳಿಂದ ಕಡಿಮೆ ಗೌರವಧನಕ್ಕಾಗಿ ಅತಿಥಿ ಉಪನ್ಯಾಸಕರಾಗಿ ಸೇವೆ ಸಲ್ಲಿಸಿದ್ದಾರೆ ಆದ್ದರಿಂದ ಅವರಿಗೆ ಮಾನವೀಯತೆಯ ನೆಲೆಗಟ್ಟಿನಲ್ಲಿ ಸಾಮಾಜಿಕ ನ್ಯಾಯದ ಹಿನ್ನೆಲೆಯಲ್ಲಿ ಅವರಿಗೆ ಸೇವಾ ಭದ್ರತೆಯನ್ನು ಕೊಡಬೇಕು ಆಗ ಮಾತ್ರ ಮಾನವೀಯತೆ ಮತ್ತು ಸಾಮಾಜಿಕ ನ್ಯಾಯ ಪಾಲಿಸಿದಂತಾಗುತ್ತದೆ.

ಸರ್ಕಾರ ಈ ಎಲ್ಲಾ ಅಂಶಗಳನ್ನು ವಿಮರ್ಶಾತ್ಮಕವಾಗಿ ವಿಮರ್ಶಿಸಿ ಸುಮಾರು ವರ್ಷಗಳಿಂದ ಕಡಿಮೆ ಗೌರವಧನಕ್ಕಾಗಿ ಸೇವೆ ಸಲ್ಲಿಸಿ ಸುಮಾರು ವಿದ್ಯಾರ್ಥಿಗಳ ಭವಿಷ್ಯವನ್ನು ರೂಪಿಸಿ ಈ ಸಮಾಜಕ್ಕೂ ಕೂಡ ಕೊಡುಗೆ ನೀಡಿದ ಅತಿಥಿ ಉಪನ್ಯಾಸಕರಿಗೆ ಕೊಟ್ಟಂತಹ "ಅತಿಥಿ ಉಪನ್ಯಾಸಕರಿಗೆ ಸೇವಾ ಭದ್ರತೆಯನ್ನು ನೀಡಿ" ಎಂಬ ಅವರ ಜೀವನಕ್ಕೂ ದಾರಿದೀಪವಾಗಲಿ ಎಂಬುದು ನಮ್ಮೆಲ್ಲರ ಆಶಯ.

ಜಾತಿ ಎಂಬ ವಿಷವರ್ತುಲ: ಪ್ರೀತಿಯ
ಬಲಿ ಮತ್ತು ಮೌನವಾದ ಸಂವಿಧಾನ
ನೇಹಾ ಮಾಂಗ್ರತಿ
ಯುವ ಬರಹಗಾರರು

"ಪ್ರೀತಿಗೆ ಕಣ್ಣಿಲ್ಲ" ಎಂಬ ಮಾತು ಹಳೆಯದಾಯಿತು. ಆದರೆ ಇಂದಿನ ಕಠೋರ ವಾಸ್ತವದಲ್ಲಿ, ಸಮಾಜಕ್ಕೆ ಪ್ರೀತಿಗಿಂತ ಹೆಚ್ಚಾಗಿ ಮನುಷ್ಯನ "ಜಾತಿ" ಕಾಣಿಸುತ್ತಿದೆ. ಪ್ರೀತಿ ಎಂಬ ಸಹಜ ಸುಂದರ ಭಾವನೆಗೆ ಜಾತಿಯ ಹಣೆಪಟ್ಟಿ ಹಚ್ಚಿ, ಅದನ್ನು ಅಪರಾಧದಂತೆ ನೋಡುವ ಮನಸ್ಥಿತಿ ನಮ್ಮ ಸಮಾಜದಲ್ಲಿ ಇಂದಿಗೂ ಜೀವಂತವಾಗಿದೆ.

ಬೇರೂರಿರುವ ಜಾತಿ ಪದ್ಧತಿ:

ಪ್ರೀತಿ ಜಾತಿ ನೋಡಿ ಹುಟ್ಟುವುದಿಲ್ಲ ನಿಜ, ಆದರೆ ಪ್ರೀತಿ ಹುಟ್ಟಿದ ಮೇಲೆ ಸಮಾಜ ಮಾತ್ರ ಜಾತಿ ಹುಡುಕುತ್ತಾ ಹೊರಡುತ್ತದೆ. ಈ ಜಾತಿ ಎಂಬ ಮುಳ್ಳು ಎಷ್ಟು ಆಳವಾಗಿ ಬೇರೂರಿದೆ ಎಂದರೆ, ಅದು ಹೆತ್ತ ಕರುಳಿನ ಸಂಬಂಧವನ್ನೂ ಮರೆಸುತ್ತಿದೆ. ಮರ್ಯಾದೆಯ ಹೆಸರಿನಲ್ಲಿ (Hon or Killing) ಹೆತ್ತ ಮಕ್ಕಳನ್ನೇ ಕೊಲ್ಲುವ ಹಂತಕ್ಕೆ ತಲುಪುವ ಈ ಕ್ರೌರ್ಯ, ನಾವು ಇಪ್ಪತ್ತೊಂದನೇ ಶತಮಾನದಲ್ಲಿದ್ದೇವೆಯೇ ಎಂಬ ಪ್ರಶ್ನೆಯನ್ನು ಮೂಡಿಸುತ್ತದೆ.

ಸಂವಿಧಾನದ ಆಶಯ ಮತ್ತು ವಾಸ್ತವ:

ನಮ್ಮ ಸಂವಿಧಾನವು ಪ್ರತಿಯೊಬ್ಬ ನಾಗರಿಕನಿಗೂ ಜೀವಿಸುವ ಮತ್ತು ತನ್ನ ಸಂಗಾತಿಯನ್ನು ಆರಿಸಿಕೊಳ್ಳುವ ವೈಯಕ್ತಿಕ ಸ್ವಾತಂತ್ರ್ಯದ ಹಕ್ಕನ್ನು ನೀಡಿದೆ. ಆದರೆ ಈ ಸಾಂವಿಧಾನಿಕ ಹಕ್ಕುಗಳು ಕೇವಲ ಪುಸ್ತಕದ ಸಾಲುಗಳಿಗೆ ಸೀಮಿತವಾದಂತಿದೆ.

ಕಾನೂನು ರಕ್ಷಣೆ ನೀಡಿದರೂ, ಸಾಮಾಜಿಕ ಬಹಿಷ್ಕಾರ ಮತ್ತು ಹಿಂಸೆಯ ಭಯದಿಂದಾಗಿ ಎಷ್ಟೋ ಪ್ರೇಮಿಗಳು ಬಲಿಯಾಗುತ್ತಿದ್ದಾರೆ. ಕಾನೂನಿಗಿಂತ ಜಾತಿಯ ಕಟ್ಟಳೆಗಳೇ ಮಿಗಿಲು ಎಂಬಂತಾಗಿರುವುದು ಪ್ರಜಾಪ್ರಭುತ್ವದ ಅತಿದೊಡ್ಡ ವಿಡಂಬನೆ.

ಸರಣಿ ಘಟನೆಗಳು ಮತ್ತು ಸಾಮಾಜಿಕ ಪಲ್ಲಟ:

ಹಿಂದೆ ಜೇವರ್ಗಿ ಮತ್ತು ಮಹಾರಾಷ್ಟ್ರದಲ್ಲಿ ನಡೆದ ಭೀಕರ ಘಟನೆಗಳು ಮಾಸುವ ಮುನ್ನವೇ, ಈಗ ಹುಬ್ಬಳ್ಳಿಯಂತಹ ನಗರಗಳಲ್ಲಿ ನಡೆಯುತ್ತಿರುವ ದಾರುಣ ಕೃತ್ಯಗಳು ನಮ್ಮನ್ನು ಬೆಚ್ಚಿಬೀಳಿಸುತ್ತಿವೆ. ಈ ಸರಣಿ ಘಟನೆಗಳು ಸಾಬೀತುಪಡಿಸುತ್ತಿರುವುದು ಒಂದೇ ಸತ್ಯ: ತಂತ್ರಜ್ಞಾನ ಬೆಳೆದಿದೆ, ನಗರಗಳು ಬೆಳೆದಿವೆ, ಆದರೆ ಜನರ ಮನಸ್ಥಿತಿ ಮಾತ್ರ ಬದಲಾಗಿಲ್ಲ. ಜಾತಿಯ ಸಂಕೋಲೆಗಳು ಎಂದಿಗೂ ಸಡಿಲವಾಗುವುದಿಲ್ಲವೇ ಎಂಬ ಹತಾಶೆ ಸಾಮಾನ್ಯರಲ್ಲಿ ಮೂಡುತ್ತಿದೆ.

ಸಮಾಜ ಎತ್ತ ಸಾಗುತ್ತಿದೆ? ನಾವು ಮನುಷ್ಯತ್ವವನ್ನು ಗೌರವಿಸುವ ಸಂಸ್ಕೃತಿಯನ್ನು ಮರೆತು, ಜಾತಿ ಎಂಬ ಕಪಿಮುಷ್ಟಿಯಲ್ಲಿ ಸಿಲುಕಿ ಒದ್ದಾಡುತ್ತಿದ್ದೇವೆ. ಬದಲಾವಣೆ ಕೇವಲ ಹೊರಗಿನ ರೂಪದಲ್ಲಿ ಬಂದರೆ ಸಾಲದು, ಅದು ಪ್ರತಿಯೊಬ್ಬರ ಆಲೋಚನಾ ಕ್ರಮದಲ್ಲಿ ಬರಬೇಕು. ಮನುಷ್ಯನನ್ನು ಮನುಷ್ಯನನ್ನಾಗಿ ಪ್ರೀತಿಸುವ ಗುಣ ಬೆಳೆದಾಗ ಮಾತ್ರ, ಇಂತಹ ರಕ್ತಪಾತಗಳು ನಿಲ್ಲುವುದು ಕಷ್ಟ. ಜಗತ್ತು ಎಷ್ಟೇ ಮುಂದುವರಿದರೂ, ಜಾತಿ ಎಂಬ ವಿಷವರ್ತುಲ ಪ್ರೀತಿಯನ್ನು ನುಂಗುತ್ತಿರುವವರೆಗೂ ನೈಜ ಪ್ರಗತಿ ಸಾಧ್ಯವಿಲ್ಲ.
